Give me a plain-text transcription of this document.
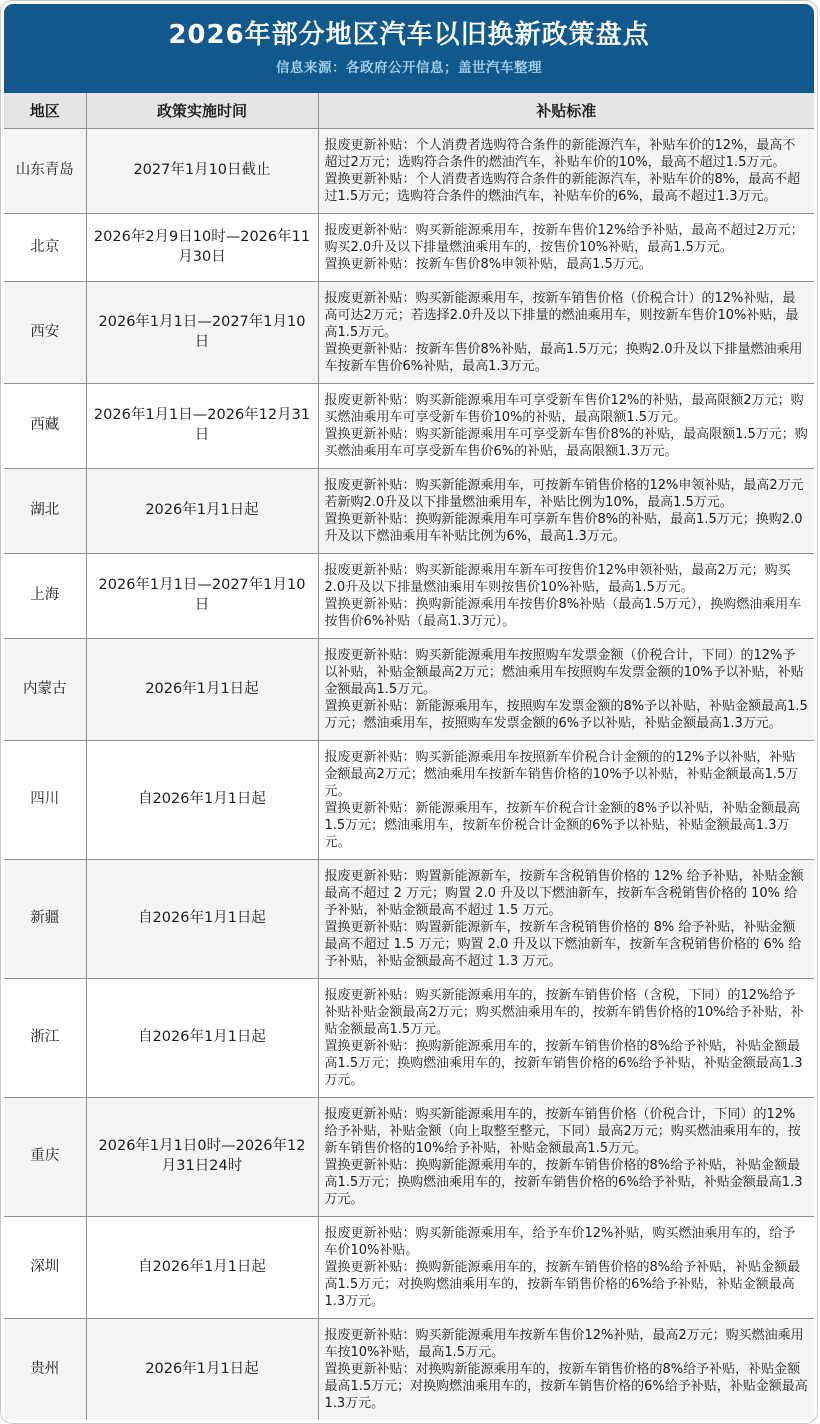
2026年部分地区汽车以旧换新政策盘点
信息来源：各政府公开信息；盖世汽车整理
地区	政策实施时间	补贴标准
山东青岛	2027年1月10日截止	报废更新补贴：个人消费者选购符合条件的新能源汽车，补贴车价的12%，最高不超过2万元；选购符合条件的燃油汽车，补贴车价的10%，最高不超过1.5万元。
置换更新补贴：个人消费者选购符合条件的新能源汽车，补贴车价的8%，最高不超过1.5万元；选购符合条件的燃油汽车，补贴车价的6%，最高不超过1.3万元。

北京	2026年2月9日10时—2026年11月30日	报废更新补贴：购买新能源乘用车，按新车售价12%给予补贴，最高不超过2万元；购买2.0升及以下排量燃油乘用车的，按售价10%补贴，最高1.5万元。
置换更新补贴：按新车售价8%申领补贴，最高1.5万元。

西安	2026年1月1日—2027年1月10日	报废更新补贴：购买新能源乘用车，按新车销售价格（价税合计）的12%补贴，最高可达2万元；若选择2.0升及以下排量的燃油乘用车，则按新车售价10%补贴，最高1.5万元。
置换更新补贴：按新车售价8%补贴，最高1.5万元；换购2.0升及以下排量燃油乘用车按新车售价6%补贴，最高1.3万元。

西藏	2026年1月1日—2026年12月31日	报废更新补贴：购买新能源乘用车可享受新车售价12%的补贴，最高限额2万元；购买燃油乘用车可享受新车售价10%的补贴，最高限额1.5万元。
置换更新补贴：购买新能源乘用车可享受新车售价8%的补贴，最高限额1.5万元；购买燃油乘用车可享受新车售价6%的补贴，最高限额1.3万元。

湖北	2026年1月1日起	报废更新补贴：购买新能源乘用车，可按新车销售价格的12%申领补贴，最高2万元若新购2.0升及以下排量燃油乘用车，补贴比例为10%，最高1.5万元。
置换更新补贴：换购新能源乘用车可享新车售价8%的补贴，最高1.5万元；换购2.0升及以下燃油乘用车补贴比例为6%，最高1.3万元。

上海	2026年1月1日—2027年1月10日	报废更新补贴：购买新能源乘用车新车可按售价12%申领补贴，最高2万元；购买2.0升及以下排量燃油乘用车则按售价10%补贴，最高1.5万元。
置换更新补贴：换购新能源乘用车按售价8%补贴（最高1.5万元），换购燃油乘用车按售价6%补贴（最高1.3万元）。

内蒙古	2026年1月1日起	报废更新补贴：购买新能源乘用车按照购车发票金额（价税合计，下同）的12%予以补贴，补贴金额最高2万元；燃油乘用车按照购车发票金额的10%予以补贴，补贴金额最高1.5万元。
置换更新补贴：新能源乘用车，按照购车发票金额的8%予以补贴，补贴金额最高1.5万元；燃油乘用车，按照购车发票金额的6%予以补贴，补贴金额最高1.3万元。

四川	自2026年1月1日起	报废更新补贴：购买新能源乘用车按照新车价税合计金额的的12%予以补贴，补贴金额最高2万元；燃油乘用车按新车销售价格的10%予以补贴，补贴金额最高1.5万元。
置换更新补贴：新能源乘用车，按新车价税合计金额的8%予以补贴，补贴金额最高1.5万元；燃油乘用车，按新车价税合计金额的6%予以补贴，补贴金额最高1.3万元。

新疆	自2026年1月1日起	报废更新补贴：购置新能源新车，按新车含税销售价格的 12% 给予补贴，补贴金额最高不超过 2 万元；购置 2.0 升及以下燃油新车，按新车含税销售价格的 10% 给予补贴，补贴金额最高不超过 1.5 万元。
置换更新补贴：购置新能源新车，按新车含税销售价格的 8% 给予补贴，补贴金额最高不超过 1.5 万元；购置 2.0 升及以下燃油新车，按新车含税销售价格的 6% 给予补贴，补贴金额最高不超过 1.3 万元。

浙江	自2026年1月1日起	报废更新补贴：购买新能源乘用车的，按新车销售价格（含税，下同）的12%给予补贴补贴金额最高2万元；购买燃油乘用车的，按新车销售价格的10%给予补贴，补贴金额最高1.5万元。
置换更新补贴：换购新能源乘用车的，按新车销售价格的8%给予补贴，补贴金额最高1.5万元；换购燃油乘用车的，按新车销售价格的6%给予补贴，补贴金额最高1.3万元。

重庆	2026年1月1日0时—2026年12月31日24时	报废更新补贴：购买新能源乘用车的，按新车销售价格（价税合计，下同）的12%给予补贴，补贴金额（向上取整至整元，下同）最高2万元；购买燃油乘用车的，按新车销售价格的10%给予补贴，补贴金额最高1.5万元。
置换更新补贴：换购新能源乘用车的，按新车销售价格的8%给予补贴，补贴金额最高1.5万元；换购燃油乘用车的，按新车销售价格的6%给予补贴，补贴金额最高1.3万元。

深圳	自2026年1月1日起	报废更新补贴：购买新能源乘用车，给予车价12%补贴，购买燃油乘用车的，给予车价10%补贴。
置换更新补贴：换购新能源乘用车的，按新车销售价格的8%给予补贴，补贴金额最高1.5万元；对换购燃油乘用车的，按新车销售价格的6%给予补贴，补贴金额最高1.3万元。

贵州	2026年1月1日起	报废更新补贴：购买新能源乘用车按新车售价12%补贴，最高2万元；购买燃油乘用车按10%补贴，最高1.5万元。
置换更新补贴：对换购新能源乘用车的，按新车销售价格的8%给予补贴，补贴金额最高1.5万元；对换购燃油乘用车的，按新车销售价格的6%给予补贴，补贴金额最高1.3万元。
